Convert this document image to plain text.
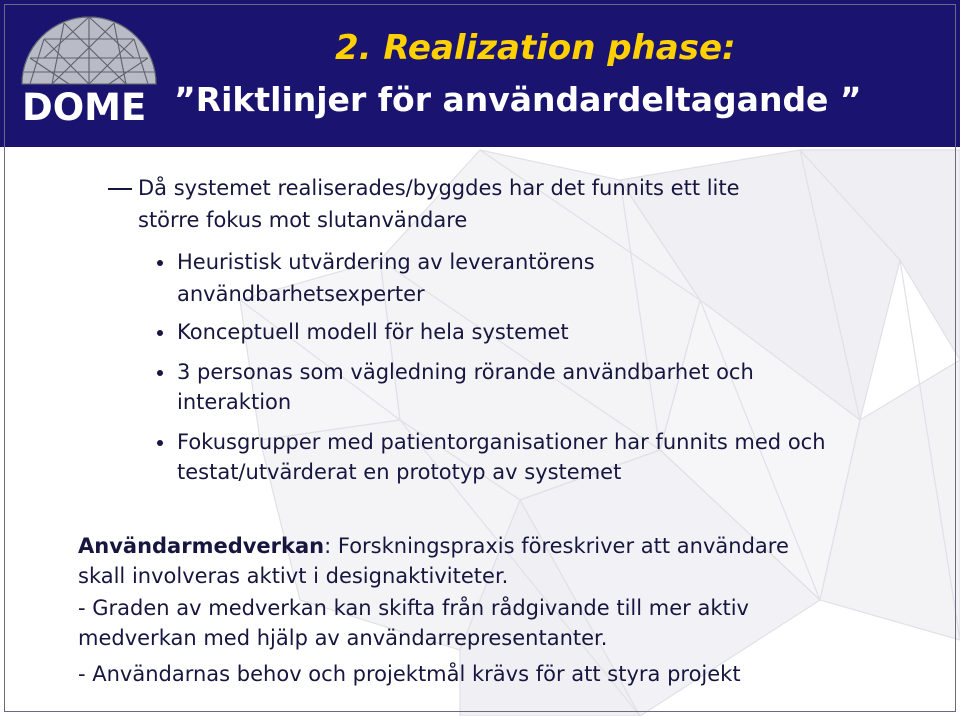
DOME
2. Realization phase:
”Riktlinjer för användardeltagande ”
Då systemet realiserades/byggdes har det funnits ett lite
större fokus mot slutanvändare
Heuristisk utvärdering av leverantörens
användbarhetsexperter
Konceptuell modell för hela systemet
3 personas som vägledning rörande användbarhet och
interaktion
Fokusgrupper med patientorganisationer har funnits med och
testat/utvärderat en prototyp av systemet
Användarmedverkan: Forskningspraxis föreskriver att användare
skall involveras aktivt i designaktiviteter.
- Graden av medverkan kan skifta från rådgivande till mer aktiv
medverkan med hjälp av användarrepresentanter.
- Användarnas behov och projektmål krävs för att styra projekt
